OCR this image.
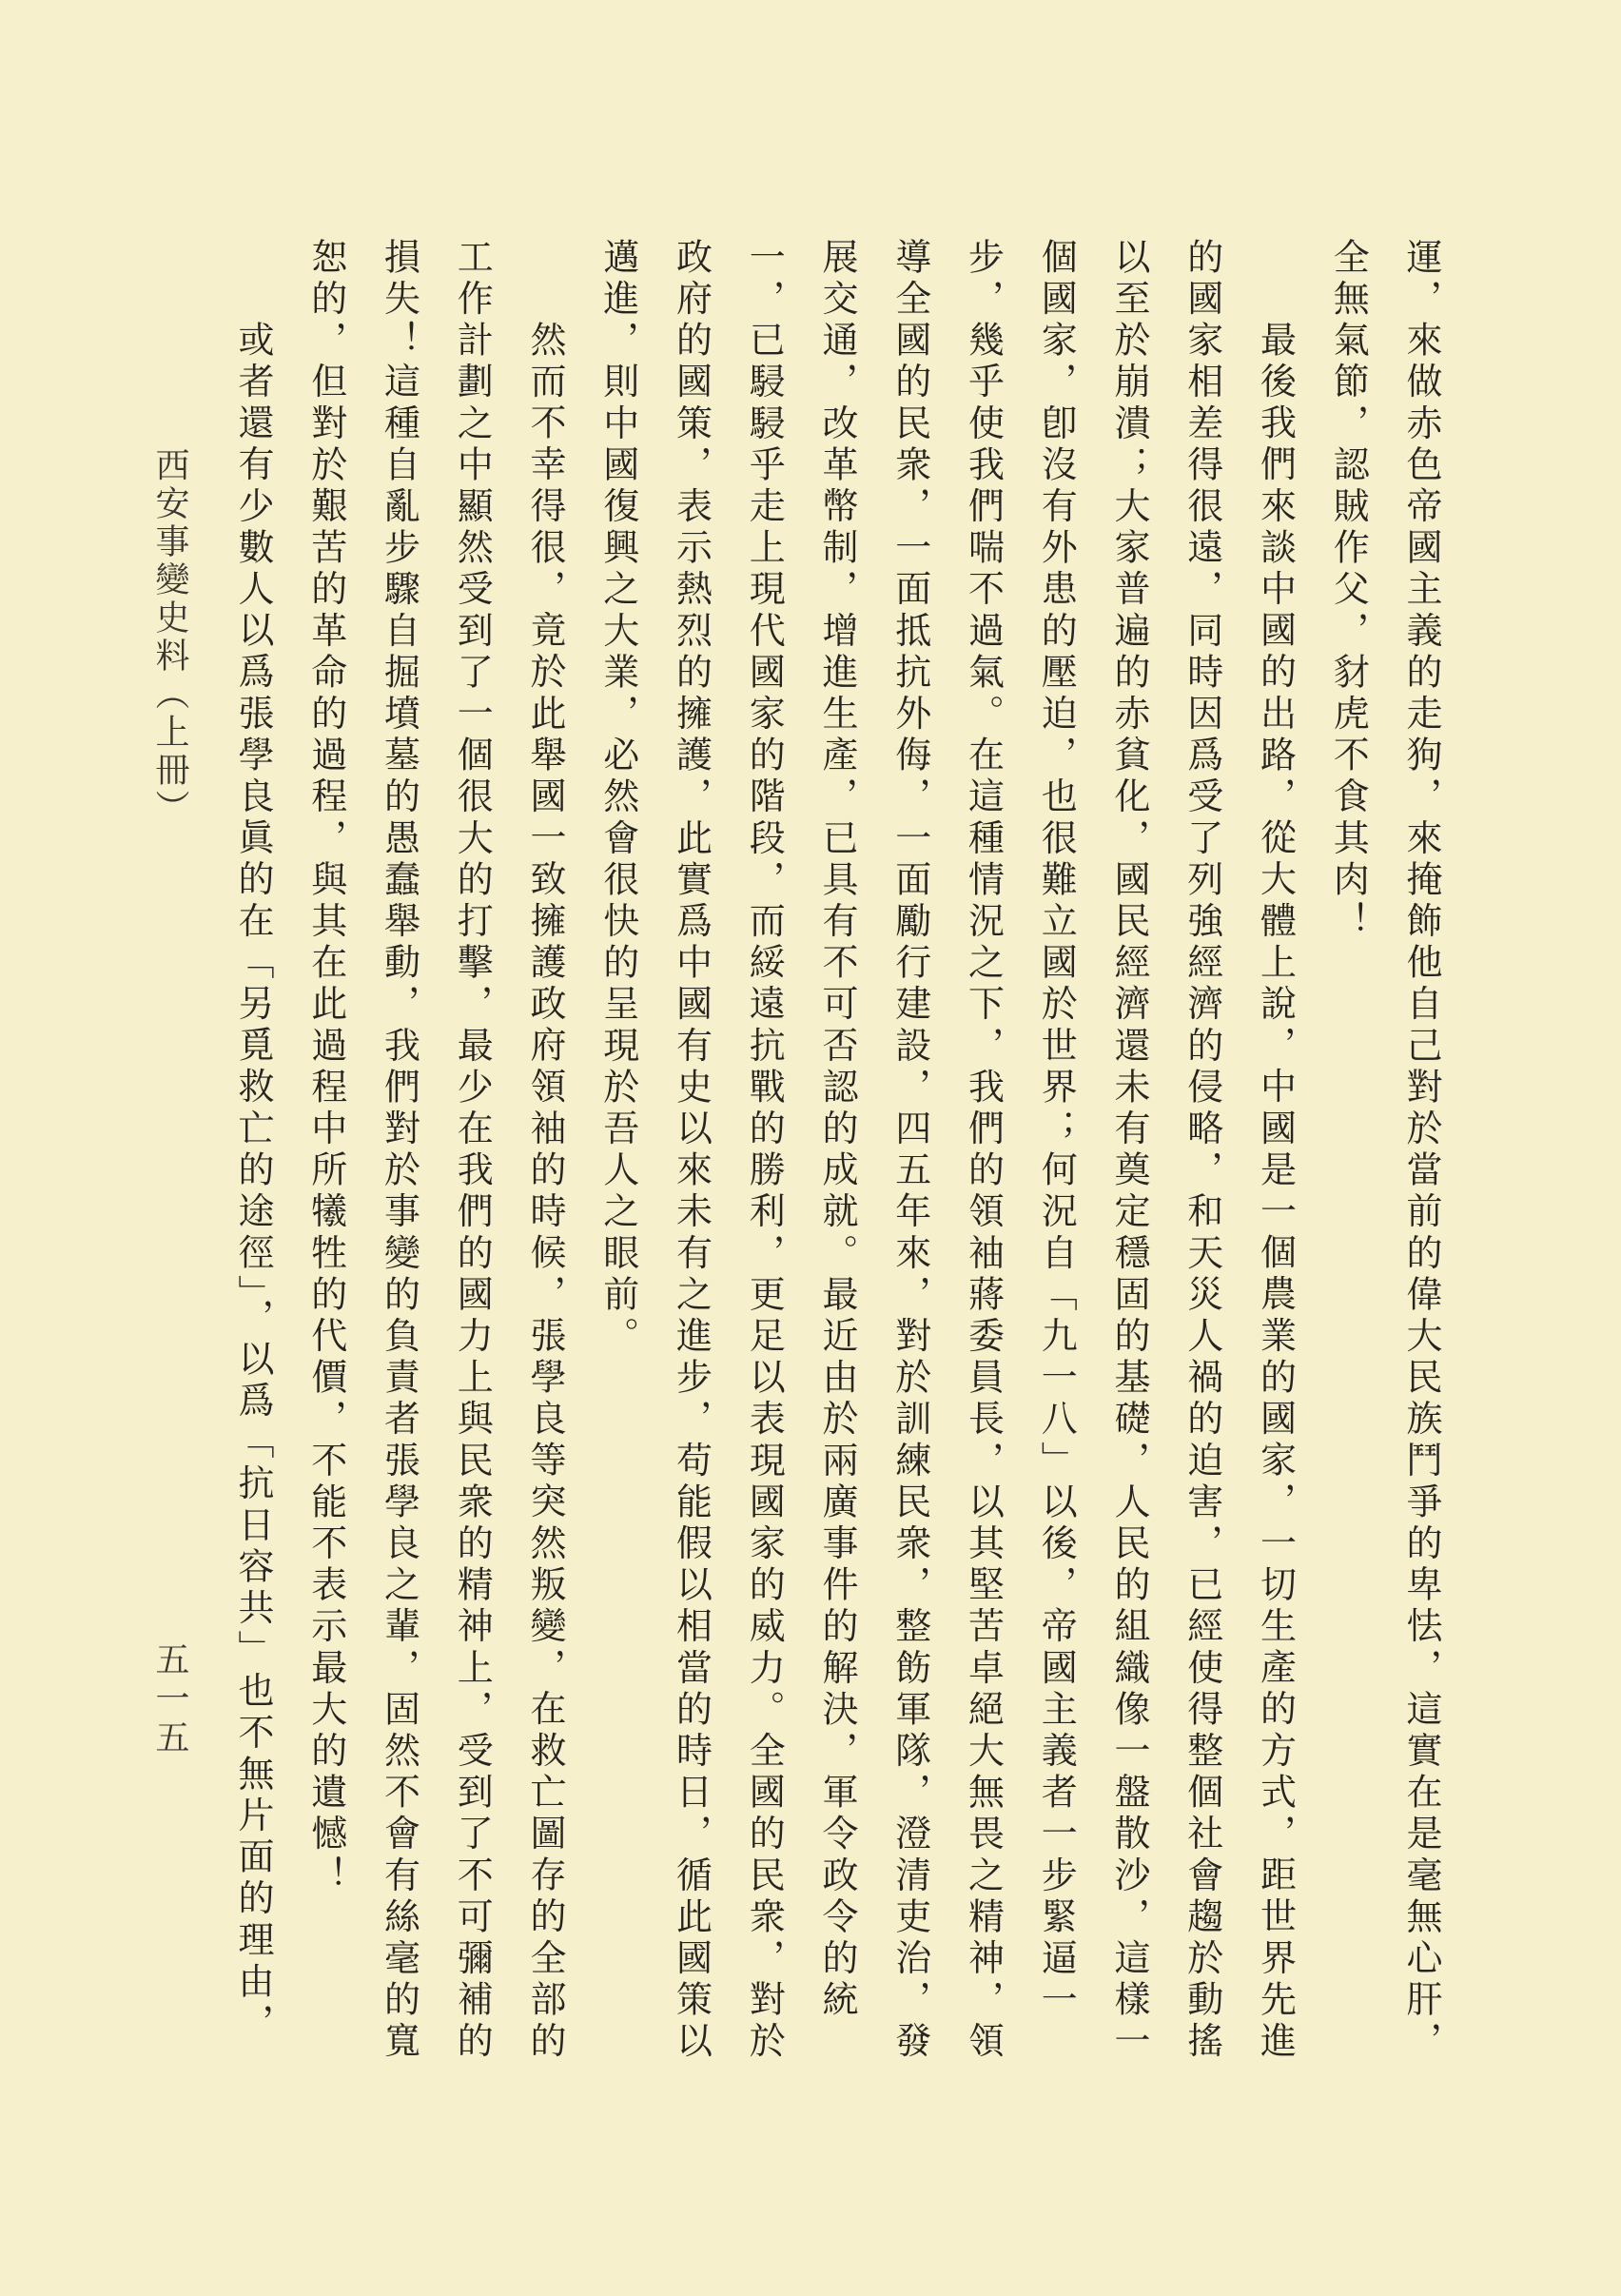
運，來做赤色帝國主義的走狗，來掩飾他自己對於當前的偉大民族鬥爭的卑怯，這實在是毫無心肝，
全無氣節，認賊作父，豺虎不食其肉！
最後我們來談中國的出路，從大體上說，中國是一個農業的國家，一切生產的方式，距世界先進
的國家相差得很遠，同時因爲受了列強經濟的侵略，和天災人禍的迫害，已經使得整個社會趨於動搖
以至於崩潰；大家普遍的赤貧化，國民經濟還未有奠定穩固的基礎，人民的組織像一盤散沙，這樣一
個國家，卽沒有外患的壓迫，也很難立國於世界；何況自「九一八」以後，帝國主義者一步緊逼一
步，幾乎使我們喘不過氣。在這種情況之下，我們的領袖蔣委員長，以其堅苦卓絕大無畏之精神，領
導全國的民衆，一面抵抗外侮，一面勵行建設，四五年來，對於訓練民衆，整飭軍隊，澄清吏治，發
展交通，改革幣制，增進生產，已具有不可否認的成就。最近由於兩廣事件的解決，軍令政令的統
一，已駸駸乎走上現代國家的階段，而綏遠抗戰的勝利，更足以表現國家的威力。全國的民衆，對於
政府的國策，表示熱烈的擁護，此實爲中國有史以來未有之進步，苟能假以相當的時日，循此國策以
邁進，則中國復興之大業，必然會很快的呈現於吾人之眼前。
然而不幸得很，竟於此舉國一致擁護政府領袖的時候，張學良等突然叛變，在救亡圖存的全部的
工作計劃之中顯然受到了一個很大的打擊，最少在我們的國力上與民衆的精神上，受到了不可彌補的
損失！這種自亂步驟自掘墳墓的愚蠢舉動，我們對於事變的負責者張學良之輩，固然不會有絲毫的寬
恕的，但對於艱苦的革命的過程，與其在此過程中所犧牲的代價，不能不表示最大的遺憾！
或者還有少數人以爲張學良眞的在「另覓救亡的途徑」，以爲「抗日容共」也不無片面的理由，
西安事變史料（上冊）
五一五
